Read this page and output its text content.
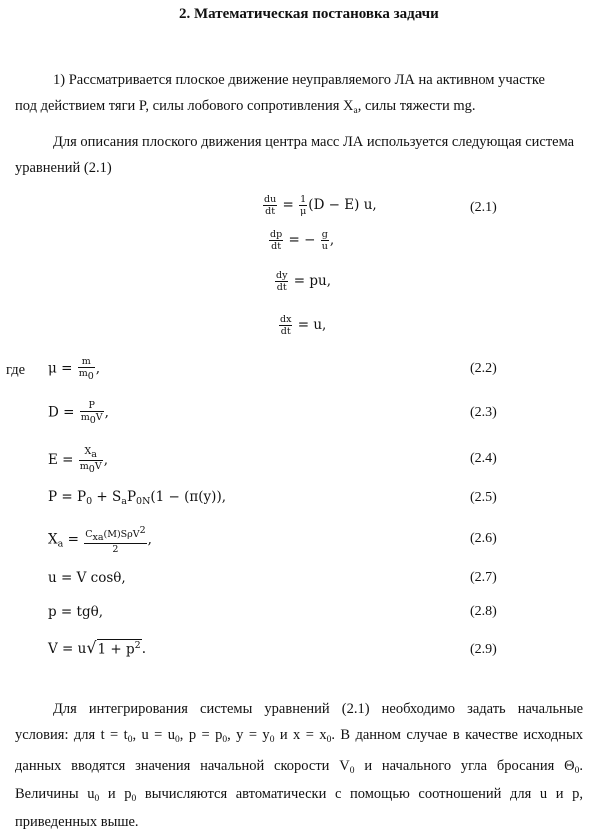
2. Математическая постановка задачи
1) Рассматривается плоское движение неуправляемого ЛА на активном участке
под действием тяги P, силы лобового сопротивления $X_a$, силы тяжести mg.
Для описания плоского движения центра масс ЛА используется следующая система
уравнений (2.1)
$\frac{du}{dt} = \frac{1}{\mu} (D - E)$ u,	(2.1)
$\frac{dp}{dt}$ = − $\frac{g}{u}$ ,
$\frac{dy}{dt}$ = pu,
$\frac{dx}{dt} = u$,
где $\mu = \frac{m}{m_0}$ ,	(2.2)
$D = \frac{P}{m_0V}$ ,	(2.3)
$E = \frac{X_a}{m_0V}$ ,	(2.4)
$P = P_0 + S_aP_{0N}(1 - (\pi(y))$,	(2.5)
$X_a = \frac{C_{xa}(M)S\rho V^2}{2}$ ,	(2.6)
u = V cosθ,	(2.7)
p = tgθ,	(2.8)
$V = u√1 + p^2$.	(2.9)
Для интегрирования системы уравнений (2.1) необходимо задать начальные
условия: для $t = t_0$, $u = u_0$, $p = p_0$, $y = y_0$ и $x = x_0$. В данном случае в качестве исходных
данных вводятся значения начальной скорости $V_0$ и начального угла бросания $\Theta_0$.
Величины $u_0$ и $p_0$ вычисляются автоматически с помощью соотношений для u и p,
приведенных выше.
